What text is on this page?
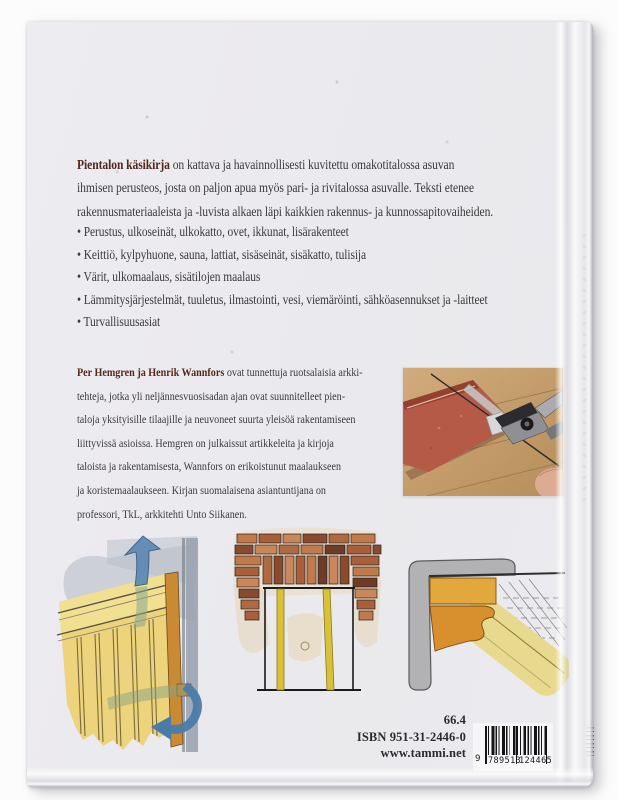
Pientalon käsikirja on kattava ja havainnollisesti kuvitettu omakotitalossa asuvan
ihmisen perusteos, josta on paljon apua myös pari- ja rivitalossa asuvalle. Teksti etenee
rakennusmateriaaleista ja -luvista alkaen läpi kaikkien rakennus- ja kunnossapitovaiheiden.
• Perustus, ulkoseinät, ulkokatto, ovet, ikkunat, lisärakenteet
• Keittiö, kylpyhuone, sauna, lattiat, sisäseinät, sisäkatto, tulisija
• Värit, ulkomaalaus, sisätilojen maalaus
• Lämmitysjärjestelmät, tuuletus, ilmastointi, vesi, viemäröinti, sähköasennukset ja -laitteet
• Turvallisuusasiat
Per Hemgren ja Henrik Wannfors ovat tunnettuja ruotsalaisia arkki-
tehteja, jotka yli neljännesvuosisadan ajan ovat suunnitelleet pien-
taloja yksityisille tilaajille ja neuvoneet suurta yleisöä rakentamiseen
liittyvissä asioissa. Hemgren on julkaissut artikkeleita ja kirjoja
taloista ja rakentamisesta, Wannfors on erikoistunut maalaukseen
ja koristemaalaukseen. Kirjan suomalaisena asiantuntijana on
professori, TkL, arkkitehti Unto Siikanen.
66.4
ISBN 951-31-2446-0
www.tammi.net 9 789513
124465
